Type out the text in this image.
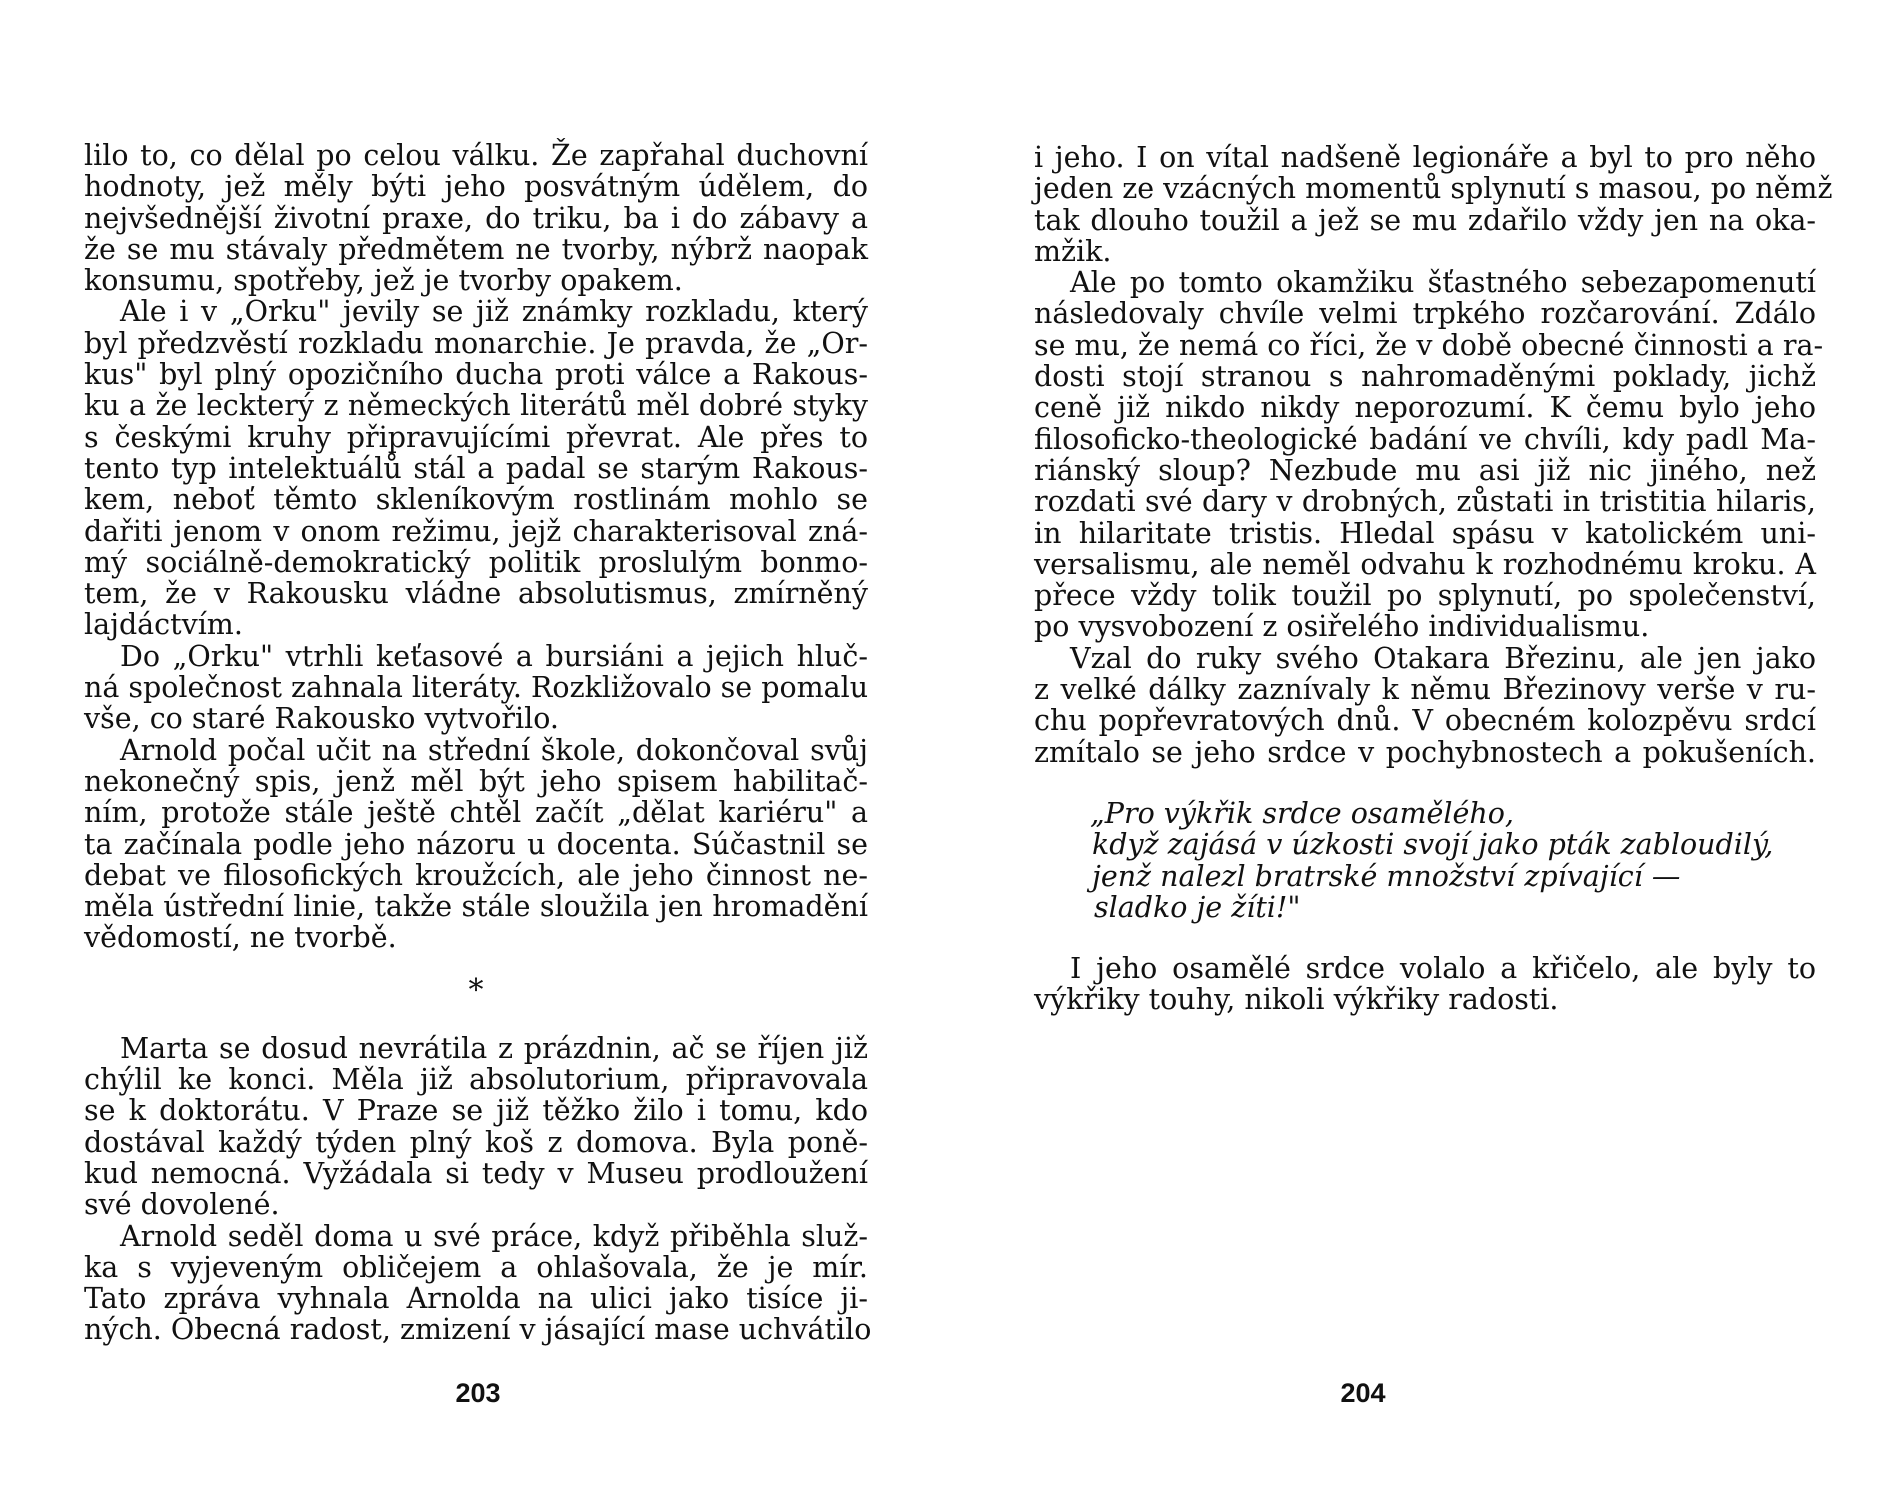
lilo to, co dělal po celou válku. Že zapřahal duchovní
hodnoty, jež měly býti jeho posvátným údělem, do
nejvšednější životní praxe, do triku, ba i do zábavy a
že se mu stávaly předmětem ne tvorby, nýbrž naopak
konsumu, spotřeby, jež je tvorby opakem.
Ale i v „Orku" jevily se již známky rozkladu, který
byl předzvěstí rozkladu monarchie. Je pravda, že „Or-
kus" byl plný opozičního ducha proti válce a Rakous-
ku a že leckterý z německých literátů měl dobré styky
s českými kruhy připravujícími převrat. Ale přes to
tento typ intelektuálů stál a padal se starým Rakous-
kem, neboť těmto skleníkovým rostlinám mohlo se
dařiti jenom v onom režimu, jejž charakterisoval zná-
mý sociálně-demokratický politik proslulým bonmo-
tem, že v Rakousku vládne absolutismus, zmírněný
lajdáctvím.
Do „Orku" vtrhli keťasové a bursiáni a jejich hluč-
ná společnost zahnala literáty. Rozkližovalo se pomalu
vše, co staré Rakousko vytvořilo.
Arnold počal učit na střední škole, dokončoval svůj
nekonečný spis, jenž měl být jeho spisem habilitač-
ním, protože stále ještě chtěl začít „dělat kariéru" a
ta začínala podle jeho názoru u docenta. Súčastnil se
debat ve filosofických kroužcích, ale jeho činnost ne-
měla ústřední linie, takže stále sloužila jen hromadění
vědomostí, ne tvorbě.
*
Marta se dosud nevrátila z prázdnin, ač se říjen již
chýlil ke konci. Měla již absolutorium, připravovala
se k doktorátu. V Praze se již těžko žilo i tomu, kdo
dostával každý týden plný koš z domova. Byla poně-
kud nemocná. Vyžádala si tedy v Museu prodloužení
své dovolené.
Arnold seděl doma u své práce, když přiběhla služ-
ka s vyjeveným obličejem a ohlašovala, že je mír.
Tato zpráva vyhnala Arnolda na ulici jako tisíce ji-
ných. Obecná radost, zmizení v jásající mase uchvátilo
203
i jeho. I on vítal nadšeně legionáře a byl to pro něho
jeden ze vzácných momentů splynutí s masou, po němž
tak dlouho toužil a jež se mu zdařilo vždy jen na oka-
mžik.
Ale po tomto okamžiku šťastného sebezapomenutí
následovaly chvíle velmi trpkého rozčarování. Zdálo
se mu, že nemá co říci, že v době obecné činnosti a ra-
dosti stojí stranou s nahromaděnými poklady, jichž
ceně již nikdo nikdy neporozumí. K čemu bylo jeho
filosoficko-theologické badání ve chvíli, kdy padl Ma-
riánský sloup? Nezbude mu asi již nic jiného, než
rozdati své dary v drobných, zůstati in tristitia hilaris,
in hilaritate tristis. Hledal spásu v katolickém uni-
versalismu, ale neměl odvahu k rozhodnému kroku. A
přece vždy tolik toužil po splynutí, po společenství,
po vysvobození z osiřelého individualismu.
Vzal do ruky svého Otakara Březinu, ale jen jako
z velké dálky zaznívaly k němu Březinovy verše v ru-
chu popřevratových dnů. V obecném kolozpěvu srdcí
zmítalo se jeho srdce v pochybnostech a pokušeních.
„Pro výkřik srdce osamělého,
když zajásá v úzkosti svojí jako pták zabloudilý,
jenž nalezl bratrské množství zpívající —
sladko je žíti!"
I jeho osamělé srdce volalo a křičelo, ale byly to
výkřiky touhy, nikoli výkřiky radosti.
204
